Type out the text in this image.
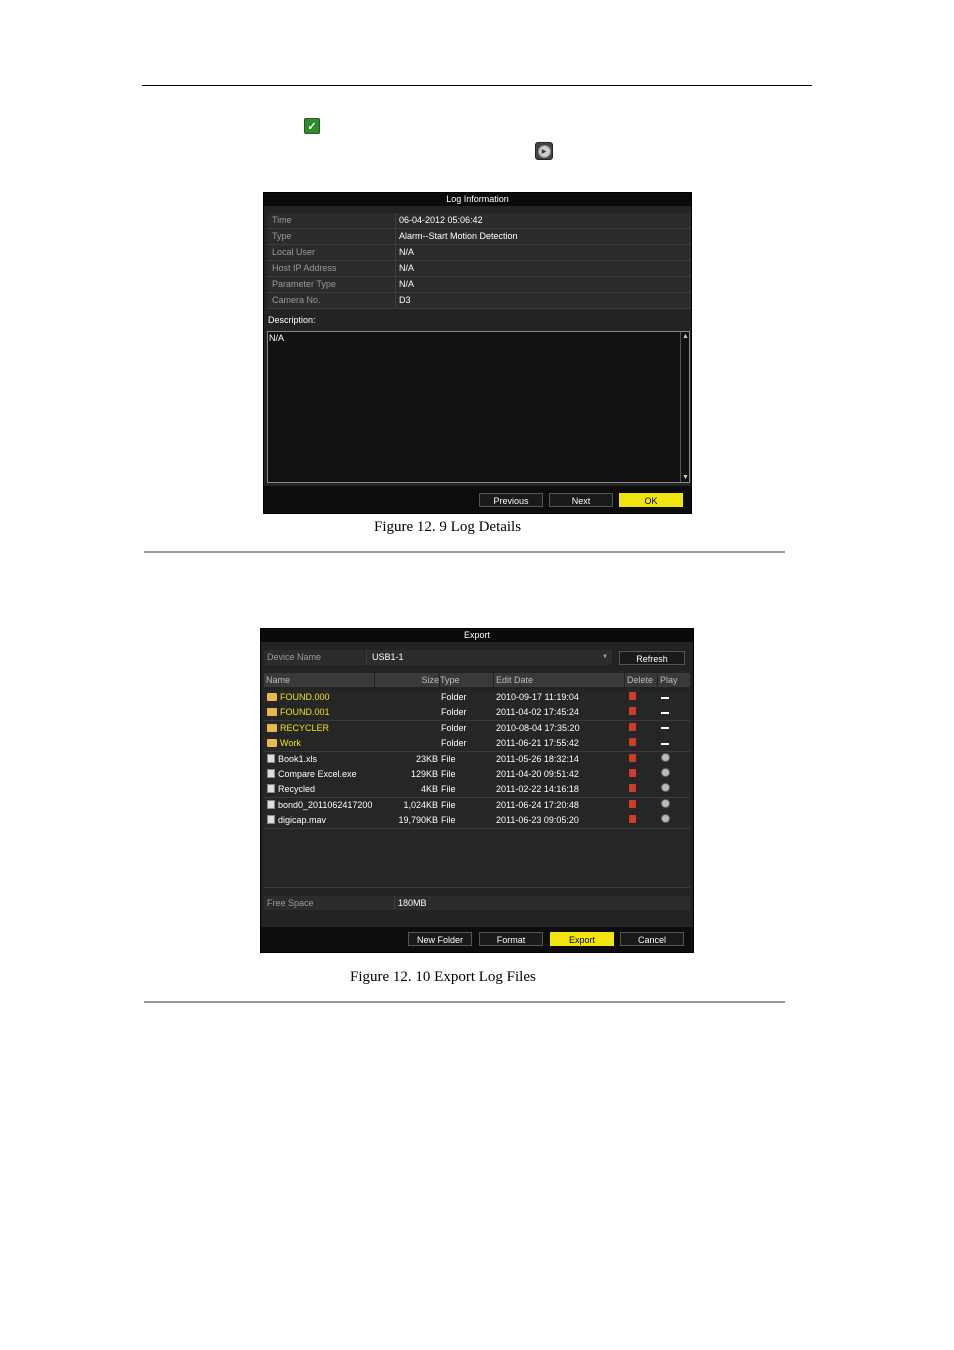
✓
▶
Log Information
Time	06-04-2012 05:06:42
Type	Alarm--Start Motion Detection
Local User	N/A
Host IP Address	N/A
Parameter Type	N/A
Camera No.	D3
Description:
N/A	▲
▼
Previous	Next	OK
Figure 12. 9 Log Details
Export
Device Name	USB1-1	▼	Refresh
Name	Size Type	Edit Date	Delete Play
FOUND.000	Folder	2010-09-17 11:19:04
FOUND.001	Folder	2011-04-02 17:45:24
RECYCLER	Folder	2010-08-04 17:35:20
Work	Folder	2011-06-21 17:55:42
Book1.xls	23KB File	2011-05-26 18:32:14
Compare Excel.exe	129KB File	2011-04-20 09:51:42
Recycled	4KB File	2011-02-22 14:16:18
bond0_2011062417200	1,024KB File	2011-06-24 17:20:48
digicap.mav	19,790KB File	2011-06-23 09:05:20
Free Space	180MB
New Folder	Format	Export	Cancel
Figure 12. 10 Export Log Files
